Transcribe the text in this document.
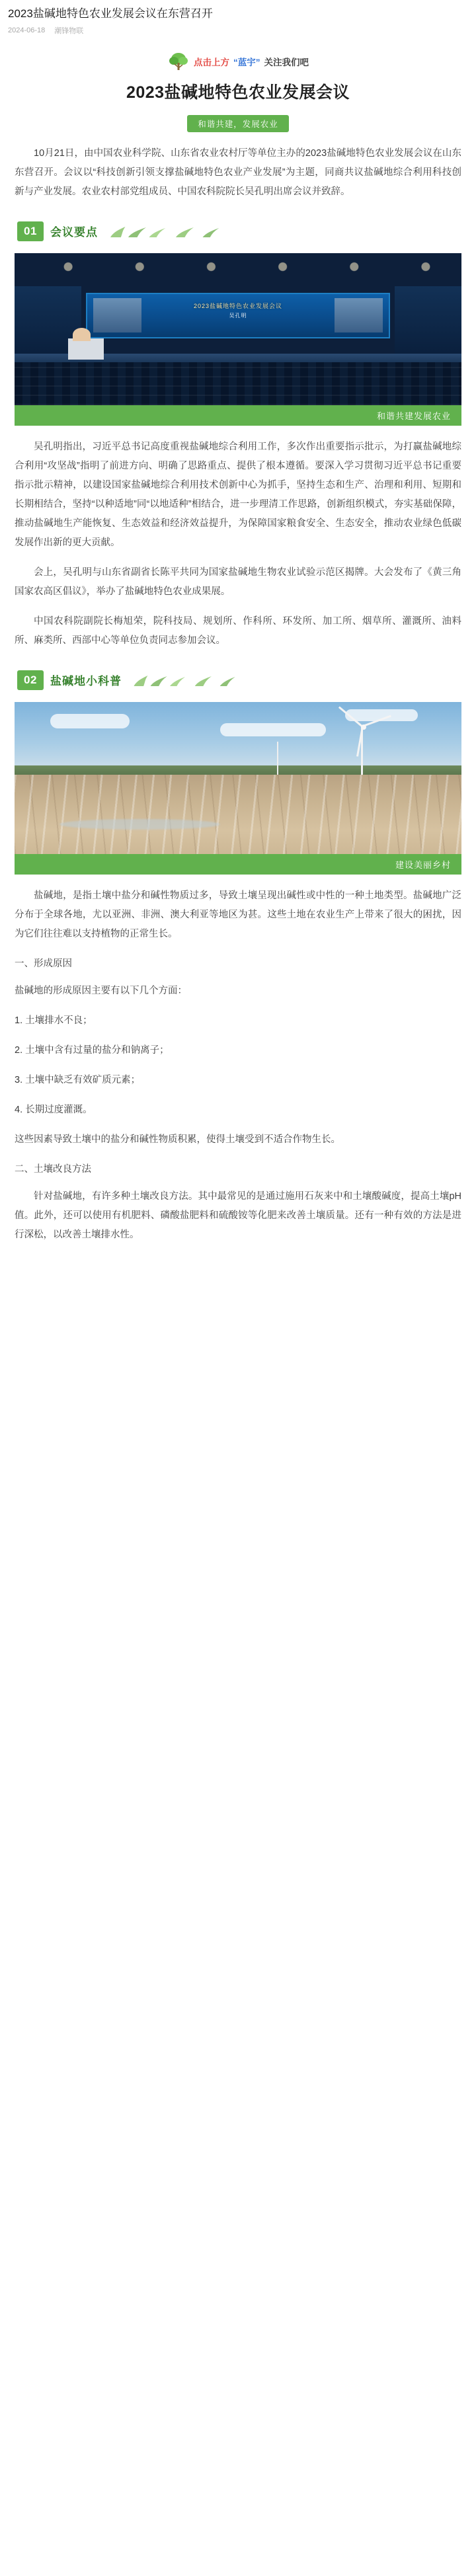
2023盐碱地特色农业发展会议在东营召开
2024-06-18 潮锋物联
点击上方 “蓝宇” 关注我们吧
2023盐碱地特色农业发展会议
和谐共建，发展农业

10月21日，由中国农业科学院、山东省农业农村厅等单位主办的2023盐碱地特色农业发展会议在山东东营召开。会议以“科技创新引领支撑盐碱地特色农业产业发展”为主题，同商共议盐碱地综合利用科技创新与产业发展。农业农村部党组成员、中国农科院院长吴孔明出席会议并致辞。

01	会议要点
2023盐碱地特色农业发展会议
吴孔明
和谐共建发展农业

吴孔明指出，习近平总书记高度重视盐碱地综合利用工作，多次作出重要指示批示，为打赢盐碱地综合利用“攻坚战”指明了前进方向、明确了思路重点、提供了根本遵循。要深入学习贯彻习近平总书记重要指示批示精神，以建设国家盐碱地综合利用技术创新中心为抓手，坚持生态和生产、治理和利用、短期和长期相结合，坚持“以种适地”同“以地适种”相结合，进一步理清工作思路，创新组织模式，夯实基础保障，推动盐碱地生产能恢复、生态效益和经济效益提升，为保障国家粮食安全、生态安全，推动农业绿色低碳发展作出新的更大贡献。

会上，吴孔明与山东省副省长陈平共同为国家盐碱地生物农业试验示范区揭牌。大会发布了《黄三角国家农高区倡议》，举办了盐碱地特色农业成果展。

中国农科院副院长梅旭荣，院科技局、规划所、作科所、环发所、加工所、烟草所、灌溉所、油料所、麻类所、西部中心等单位负责同志参加会议。

02	盐碱地小科普
建设美丽乡村

盐碱地，是指土壤中盐分和碱性物质过多，导致土壤呈现出碱性或中性的一种土地类型。盐碱地广泛分布于全球各地，尤以亚洲、非洲、澳大利亚等地区为甚。这些土地在农业生产上带来了很大的困扰，因为它们往往难以支持植物的正常生长。

一、形成原因

盐碱地的形成原因主要有以下几个方面：

1. 土壤排水不良；

2. 土壤中含有过量的盐分和钠离子；

3. 土壤中缺乏有效矿质元素；

4. 长期过度灌溉。

这些因素导致土壤中的盐分和碱性物质积累，使得土壤受到不适合作物生长。

二、土壤改良方法

针对盐碱地，有许多种土壤改良方法。其中最常见的是通过施用石灰来中和土壤酸碱度，提高土壤pH值。此外，还可以使用有机肥料、磷酸盐肥料和硫酸铵等化肥来改善土壤质量。还有一种有效的方法是进行深松，以改善土壤排水性。
